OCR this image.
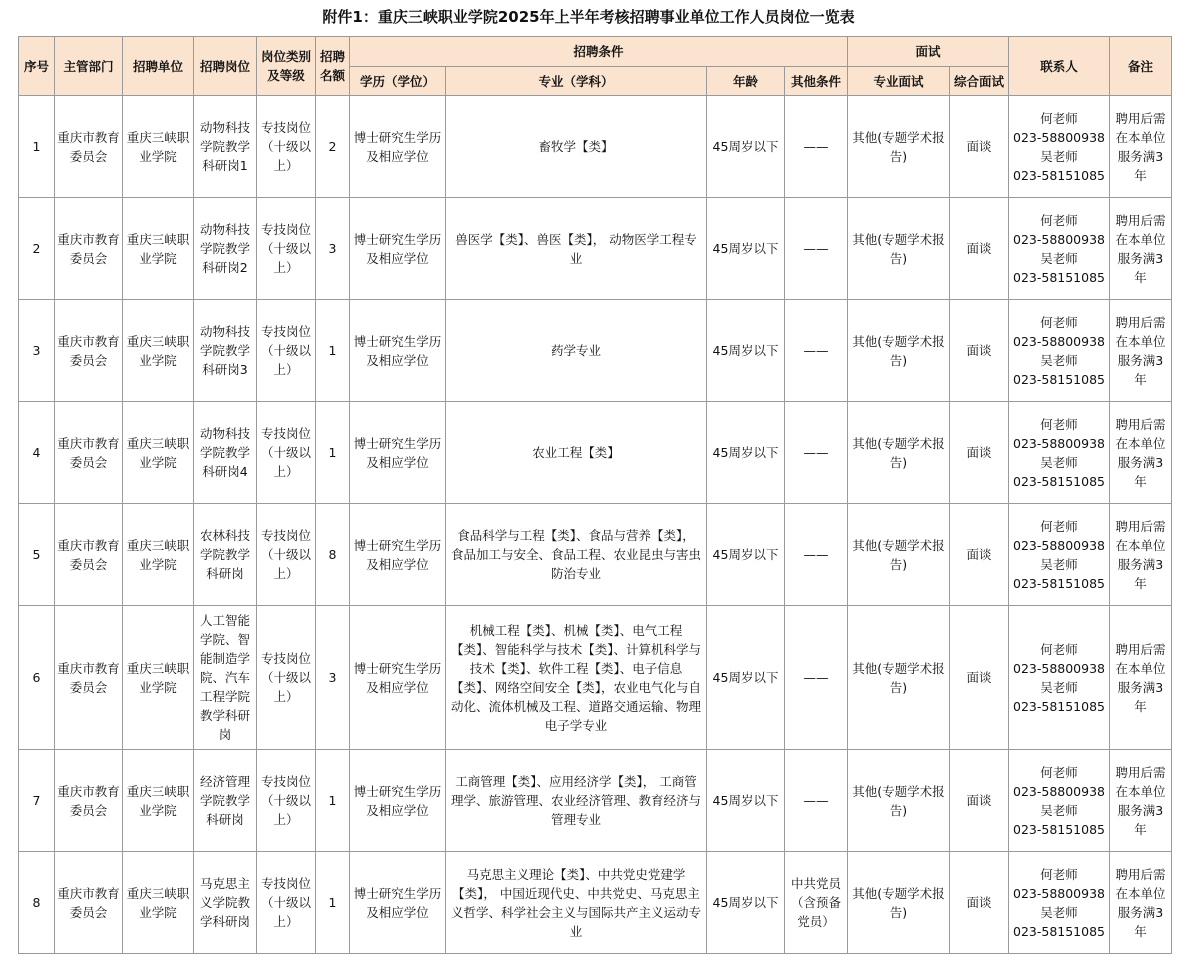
附件1：重庆三峡职业学院2025年上半年考核招聘事业单位工作人员岗位一览表
序号	主管部门	招聘单位	招聘岗位	岗位类别及等级	招聘名额	招聘条件				面试		联系人	备注
						学历（学位）	专业（学科）	年龄	其他条件	专业面试	综合面试		
1	重庆市教育委员会	重庆三峡职业学院	动物科技学院教学科研岗1	专技岗位（十级以上）	2	博士研究生学历及相应学位	畜牧学【类】	45周岁以下	——	其他(专题学术报告)	面谈	何老师
023-58800938
吴老师
023-58151085	聘用后需在本单位服务满3年
2	重庆市教育委员会	重庆三峡职业学院	动物科技学院教学科研岗2	专技岗位（十级以上）	3	博士研究生学历及相应学位	兽医学【类】、兽医【类】， 动物医学工程专业	45周岁以下	——	其他(专题学术报告)	面谈	何老师
023-58800938
吴老师
023-58151085	聘用后需在本单位服务满3年
3	重庆市教育委员会	重庆三峡职业学院	动物科技学院教学科研岗3	专技岗位（十级以上）	1	博士研究生学历及相应学位	药学专业	45周岁以下	——	其他(专题学术报告)	面谈	何老师
023-58800938
吴老师
023-58151085	聘用后需在本单位服务满3年
4	重庆市教育委员会	重庆三峡职业学院	动物科技学院教学科研岗4	专技岗位（十级以上）	1	博士研究生学历及相应学位	农业工程【类】	45周岁以下	——	其他(专题学术报告)	面谈	何老师
023-58800938
吴老师
023-58151085	聘用后需在本单位服务满3年
5	重庆市教育委员会	重庆三峡职业学院	农林科技学院教学科研岗	专技岗位（十级以上）	8	博士研究生学历及相应学位	食品科学与工程【类】、食品与营养【类】， 食品加工与安全、食品工程、农业昆虫与害虫防治专业	45周岁以下	——	其他(专题学术报告)	面谈	何老师
023-58800938
吴老师
023-58151085	聘用后需在本单位服务满3年
6	重庆市教育委员会	重庆三峡职业学院	人工智能学院、智能制造学院、汽车工程学院教学科研岗	专技岗位（十级以上）	3	博士研究生学历及相应学位	机械工程【类】、机械【类】、电气工程【类】、智能科学与技术【类】、计算机科学与技术【类】、软件工程【类】、电子信息【类】、网络空间安全【类】，农业电气化与自动化、流体机械及工程、道路交通运输、物理电子学专业	45周岁以下	——	其他(专题学术报告)	面谈	何老师
023-58800938
吴老师
023-58151085	聘用后需在本单位服务满3年
7	重庆市教育委员会	重庆三峡职业学院	经济管理学院教学科研岗	专技岗位（十级以上）	1	博士研究生学历及相应学位	工商管理【类】、应用经济学【类】， 工商管理学、旅游管理、农业经济管理、教育经济与管理专业	45周岁以下	——	其他(专题学术报告)	面谈	何老师
023-58800938
吴老师
023-58151085	聘用后需在本单位服务满3年
8	重庆市教育委员会	重庆三峡职业学院	马克思主义学院教学科研岗	专技岗位（十级以上）	1	博士研究生学历及相应学位	马克思主义理论【类】、中共党史党建学【类】， 中国近现代史、中共党史、马克思主义哲学、科学社会主义与国际共产主义运动专业	45周岁以下	中共党员（含预备党员）	其他(专题学术报告)	面谈	何老师
023-58800938
吴老师
023-58151085	聘用后需在本单位服务满3年
